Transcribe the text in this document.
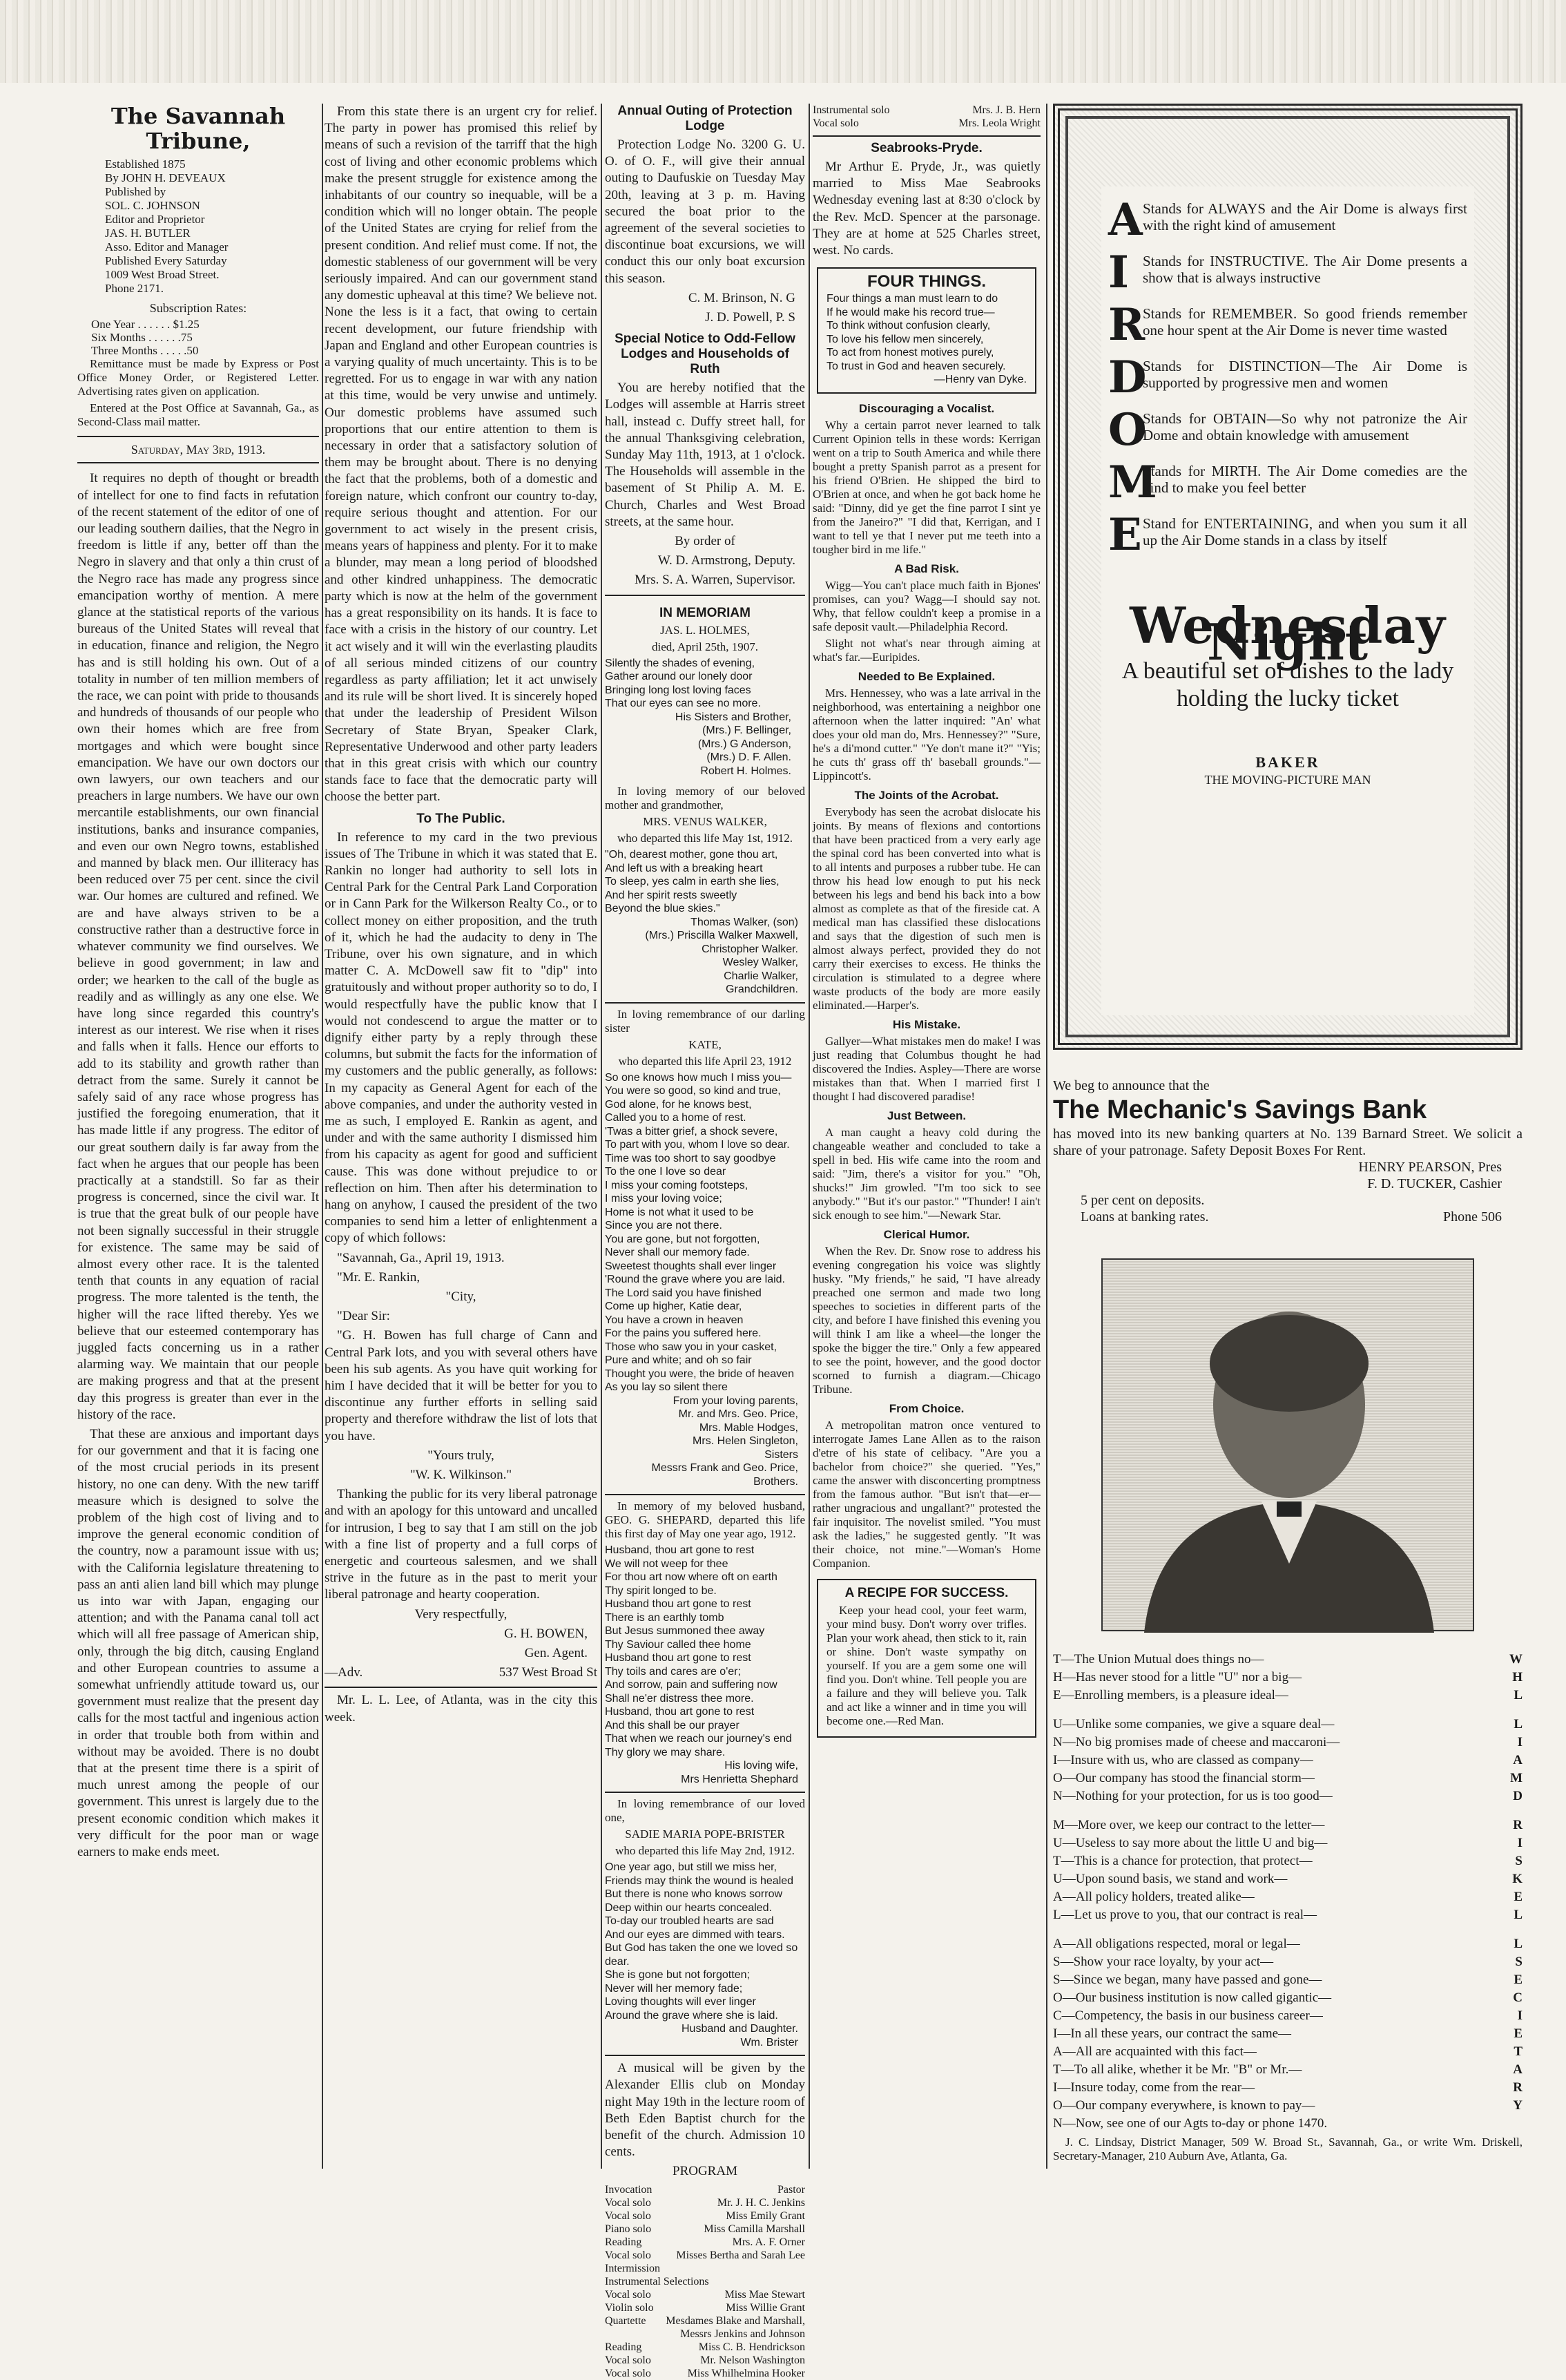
The Savannah Tribune,
Established 1875
By JOHN H. DEVEAUX
Published by
SOL. C. JOHNSON
Editor and Proprietor
JAS. H. BUTLER
Asso. Editor and Manager
Published Every Saturday
1009 West Broad Street.
Phone 2171.
Subscription Rates:
One Year . . . . . . $1.25
Six Months . . . . . .75
Three Months . . . . .50

Remittance must be made by Express or Post Office Money Order, or Registered Letter. Advertising rates given on application.

Entered at the Post Office at Savannah, Ga., as Second-Class mail matter.

Saturday, May 3rd, 1913.

It requires no depth of thought or breadth of intellect for one to find facts in refutation of the recent statement of the editor of one of our leading southern dailies, that the Negro in freedom is little if any, better off than the Negro in slavery and that only a thin crust of the Negro race has made any progress since emancipation worthy of mention. A mere glance at the statistical reports of the various bureaus of the United States will reveal that in education, finance and religion, the Negro has and is still holding his own. Out of a totality in number of ten million members of the race, we can point with pride to thousands and hundreds of thousands of our people who own their homes which are free from mortgages and which were bought since emancipation. We have our own doctors our own lawyers, our own teachers and our preachers in large numbers. We have our own mercantile establishments, our own financial institutions, banks and insurance companies, and even our own Negro towns, established and manned by black men. Our illiteracy has been reduced over 75 per cent. since the civil war. Our homes are cultured and refined. We are and have always striven to be a constructive rather than a destructive force in whatever community we find ourselves. We believe in good government; in law and order; we hearken to the call of the bugle as readily and as willingly as any one else. We have long since regarded this country's interest as our interest. We rise when it rises and falls when it falls. Hence our efforts to add to its stability and growth rather than detract from the same. Surely it cannot be safely said of any race whose progress has justified the foregoing enumeration, that it has made little if any progress. The editor of our great southern daily is far away from the fact when he argues that our people has been practically at a standstill. So far as their progress is concerned, since the civil war. It is true that the great bulk of our people have not been signally successful in their struggle for existence. The same may be said of almost every other race. It is the talented tenth that counts in any equation of racial progress. The more talented is the tenth, the higher will the race lifted thereby. Yes we believe that our esteemed contemporary has juggled facts concerning us in a rather alarming way. We maintain that our people are making progress and that at the present day this progress is greater than ever in the history of the race.

That these are anxious and important days for our government and that it is facing one of the most crucial periods in its present history, no one can deny. With the new tariff measure which is designed to solve the problem of the high cost of living and to improve the general economic condition of the country, now a paramount issue with us; with the California legislature threatening to pass an anti alien land bill which may plunge us into war with Japan, engaging our attention; and with the Panama canal toll act which will all free passage of American ship, only, through the big ditch, causing England and other European countries to assume a somewhat unfriendly attitude toward us, our government must realize that the present day calls for the most tactful and ingenious action in order that trouble both from within and without may be avoided. There is no doubt that at the present time there is a spirit of much unrest among the people of our government. This unrest is largely due to the present economic condition which makes it very difficult for the poor man or wage earners to make ends meet.

From this state there is an urgent cry for relief. The party in power has promised this relief by means of such a revision of the tarriff that the high cost of living and other economic problems which make the present struggle for existence among the inhabitants of our country so inequable, will be a condition which will no longer obtain. The people of the United States are crying for relief from the present condition. And relief must come. If not, the domestic stableness of our government will be very seriously impaired. And can our government stand any domestic upheaval at this time? We believe not. None the less is it a fact, that owing to certain recent development, our future friendship with Japan and England and other European countries is a varying quality of much uncertainty. This is to be regretted. For us to engage in war with any nation at this time, would be very unwise and untimely. Our domestic problems have assumed such proportions that our entire attention to them is necessary in order that a satisfactory solution of them may be brought about. There is no denying the fact that the problems, both of a domestic and foreign nature, which confront our country to-day, require serious thought and attention. For our government to act wisely in the present crisis, means years of happiness and plenty. For it to make a blunder, may mean a long period of bloodshed and other kindred unhappiness. The democratic party which is now at the helm of the government has a great responsibility on its hands. It is face to face with a crisis in the history of our country. Let it act wisely and it will win the everlasting plaudits of all serious minded citizens of our country regardless as party affiliation; let it act unwisely and its rule will be short lived. It is sincerely hoped that under the leadership of President Wilson Secretary of State Bryan, Speaker Clark, Representative Underwood and other party leaders that in this great crisis with which our country stands face to face that the democratic party will choose the better part.

To The Public.

In reference to my card in the two previous issues of The Tribune in which it was stated that E. Rankin no longer had authority to sell lots in Central Park for the Central Park Land Corporation or in Cann Park for the Wilkerson Realty Co., or to collect money on either proposition, and the truth of it, which he had the audacity to deny in The Tribune, over his own signature, and in which matter C. A. McDowell saw fit to "dip" into gratuitously and without proper authority so to do, I would respectfully have the public know that I would not condescend to argue the matter or to dignify either party by a reply through these columns, but submit the facts for the information of my customers and the public generally, as follows: In my capacity as General Agent for each of the above companies, and under the authority vested in me as such, I employed E. Rankin as agent, and under and with the same authority I dismissed him from his capacity as agent for good and sufficient cause. This was done without prejudice to or reflection on him. Then after his determination to hang on anyhow, I caused the president of the two companies to send him a letter of enlightenment a copy of which follows:

"Savannah, Ga., April 19, 1913.

"Mr. E. Rankin,

"City,

"Dear Sir:

"G. H. Bowen has full charge of Cann and Central Park lots, and you with several others have been his sub agents. As you have quit working for him I have decided that it will be better for you to discontinue any further efforts in selling said property and therefore withdraw the list of lots that you have.

"Yours truly,

"W. K. Wilkinson."

Thanking the public for its very liberal patronage and with an apology for this untoward and uncalled for intrusion, I beg to say that I am still on the job with a fine list of property and a full corps of energetic and courteous salesmen, and we shall strive in the future as in the past to merit your liberal patronage and hearty cooperation.

Very respectfully,

G. H. BOWEN,

Gen. Agent.

—Adv.	537 West Broad St

Mr. L. L. Lee, of Atlanta, was in the city this week.

Annual Outing of Protection Lodge

Protection Lodge No. 3200 G. U. O. of O. F., will give their annual outing to Daufuskie on Tuesday May 20th, leaving at 3 p. m. Having secured the boat prior to the agreement of the several societies to discontinue boat excursions, we will conduct this our only boat excursion this season.

C. M. Brinson, N. G

J. D. Powell, P. S

Special Notice to Odd-Fellow Lodges and Households of Ruth

You are hereby notified that the Lodges will assemble at Harris street hall, instead c. Duffy street hall, for the annual Thanksgiving celebration, Sunday May 11th, 1913, at 1 o'clock. The Households will assemble in the basement of St Philip A. M. E. Church, Charles and West Broad streets, at the same hour.

By order of

W. D. Armstrong, Deputy.

Mrs. S. A. Warren, Supervisor.

IN MEMORIAM

JAS. L. HOLMES,

died, April 25th, 1907.

Silently the shades of evening,
Gather around our lonely door
Bringing long lost loving faces
That our eyes can see no more.
His Sisters and Brother,
(Mrs.) F. Bellinger,
(Mrs.) G Anderson,
(Mrs.) D. F. Allen.
Robert H. Holmes.

In loving memory of our beloved mother and grandmother,

MRS. VENUS WALKER,

who departed this life May 1st, 1912.

"Oh, dearest mother, gone thou art,
And left us with a breaking heart
To sleep, yes calm in earth she lies,
And her spirit rests sweetly
Beyond the blue skies."
Thomas Walker, (son)
(Mrs.) Priscilla Walker Maxwell,
Christopher Walker.
Wesley Walker,
Charlie Walker,
Grandchildren.

In loving remembrance of our darling sister

KATE,

who departed this life April 23, 1912

So one knows how much I miss you—
You were so good, so kind and true,
God alone, for he knows best,
Called you to a home of rest.
'Twas a bitter grief, a shock severe,
To part with you, whom I love so dear.
Time was too short to say goodbye
To the one I love so dear
I miss your coming footsteps,
I miss your loving voice;
Home is not what it used to be
Since you are not there.
You are gone, but not forgotten,
Never shall our memory fade.
Sweetest thoughts shall ever linger
'Round the grave where you are laid.
The Lord said you have finished
Come up higher, Katie dear,
You have a crown in heaven
For the pains you suffered here.
Those who saw you in your casket,
Pure and white; and oh so fair
Thought you were, the bride of heaven
As you lay so silent there
From your loving parents,
Mr. and Mrs. Geo. Price,
Mrs. Mable Hodges,
Mrs. Helen Singleton,
Sisters
Messrs Frank and Geo. Price, Brothers.

In memory of my beloved husband, GEO. G. SHEPARD, departed this life this first day of May one year ago, 1912.

Husband, thou art gone to rest
We will not weep for thee
For thou art now where oft on earth
Thy spirit longed to be.
Husband thou art gone to rest
There is an earthly tomb
But Jesus summoned thee away
Thy Saviour called thee home
Husband thou art gone to rest
Thy toils and cares are o'er;
And sorrow, pain and suffering now
Shall ne'er distress thee more.
Husband, thou art gone to rest
And this shall be our prayer
That when we reach our journey's end
Thy glory we may share.
His loving wife,
Mrs Henrietta Shephard

In loving remembrance of our loved one,

SADIE MARIA POPE-BRISTER

who departed this life May 2nd, 1912.

One year ago, but still we miss her,
Friends may think the wound is healed
But there is none who knows sorrow
Deep within our hearts concealed.
To-day our troubled hearts are sad
And our eyes are dimmed with tears.
But God has taken the one we loved so dear.
She is gone but not forgotten;
Never will her memory fade;
Loving thoughts will ever linger
Around the grave where she is laid.
Husband and Daughter.
Wm. Brister

A musical will be given by the Alexander Ellis club on Monday night May 19th in the lecture room of Beth Eden Baptist church for the benefit of the church. Admission 10 cents.

PROGRAM

Invocation	Pastor
Vocal solo	Mr. J. H. C. Jenkins
Vocal solo	Miss Emily Grant
Piano solo	Miss Camilla Marshall
Reading	Mrs. A. F. Orner
Vocal solo Misses Bertha and Sarah Lee
Intermission
Instrumental Selections
Vocal solo	Miss Mae Stewart
Violin solo	Miss Willie Grant
Quartette	Mesdames Blake and Marshall, Messrs Jenkins and Johnson
Reading	Miss C. B. Hendrickson
Vocal solo	Mr. Nelson Washington
Vocal solo	Miss Whilhelmina Hooker
Instrumental solo	Mrs. J. B. Hern
Vocal solo	Mrs. Leola Wright
Seabrooks-Pryde.

Mr Arthur E. Pryde, Jr., was quietly married to Miss Mae Seabrooks Wednesday evening last at 8:30 o'clock by the Rev. McD. Spencer at the parsonage. They are at home at 525 Charles street, west. No cards.

FOUR THINGS.
Four things a man must learn to do
If he would make his record true—
To think without confusion clearly,
To love his fellow men sincerely,
To act from honest motives purely,
To trust in God and heaven securely.
—Henry van Dyke.
Discouraging a Vocalist.

Why a certain parrot never learned to talk Current Opinion tells in these words: Kerrigan went on a trip to South America and while there bought a pretty Spanish parrot as a present for his friend O'Brien. He shipped the bird to O'Brien at once, and when he got back home he said: "Dinny, did ye get the fine parrot I sint ye from the Janeiro?" "I did that, Kerrigan, and I want to tell ye that I never put me teeth into a tougher bird in me life."

A Bad Risk.

Wigg—You can't place much faith in Bjones' promises, can you? Wagg—I should say not. Why, that fellow couldn't keep a promise in a safe deposit vault.—Philadelphia Record.

Slight not what's near through aiming at what's far.—Euripides.

Needed to Be Explained.

Mrs. Hennessey, who was a late arrival in the neighborhood, was entertaining a neighbor one afternoon when the latter inquired: "An' what does your old man do, Mrs. Hennessey?" "Sure, he's a di'mond cutter." "Ye don't mane it?" "Yis; he cuts th' grass off th' baseball grounds."—Lippincott's.

The Joints of the Acrobat.

Everybody has seen the acrobat dislocate his joints. By means of flexions and contortions that have been practiced from a very early age the spinal cord has been converted into what is to all intents and purposes a rubber tube. He can throw his head low enough to put his neck between his legs and bend his back into a bow almost as complete as that of the fireside cat. A medical man has classified these dislocations and says that the digestion of such men is almost always perfect, provided they do not carry their exercises to excess. He thinks the circulation is stimulated to a degree where waste products of the body are more easily eliminated.—Harper's.

His Mistake.

Gallyer—What mistakes men do make! I was just reading that Columbus thought he had discovered the Indies. Aspley—There are worse mistakes than that. When I married first I thought I had discovered paradise!

Just Between.

A man caught a heavy cold during the changeable weather and concluded to take a spell in bed. His wife came into the room and said: "Jim, there's a visitor for you." "Oh, shucks!" Jim growled. "I'm too sick to see anybody." "But it's our pastor." "Thunder! I ain't sick enough to see him."—Newark Star.

Clerical Humor.

When the Rev. Dr. Snow rose to address his evening congregation his voice was slightly husky. "My friends," he said, "I have already preached one sermon and made two long speeches to societies in different parts of the city, and before I have finished this evening you will think I am like a wheel—the longer the spoke the bigger the tire." Only a few appeared to see the point, however, and the good doctor scorned to furnish a diagram.—Chicago Tribune.

From Choice.

A metropolitan matron once ventured to interrogate James Lane Allen as to the raison d'etre of his state of celibacy. "Are you a bachelor from choice?" she queried. "Yes," came the answer with disconcerting promptness from the famous author. "But isn't that—er—rather ungracious and ungallant?" protested the fair inquisitor. The novelist smiled. "You must ask the ladies," he suggested gently. "It was their choice, not mine."—Woman's Home Companion.

A RECIPE FOR SUCCESS.

Keep your head cool, your feet warm, your mind busy. Don't worry over trifles. Plan your work ahead, then stick to it, rain or shine. Don't waste sympathy on yourself. If you are a gem some one will find you. Don't whine. Tell people you are a failure and they will believe you. Talk and act like a winner and in time you will become one.—Red Man.

A Stands for ALWAYS and the Air Dome is always first with the right kind of amusement
I Stands for INSTRUCTIVE. The Air Dome presents a show that is always instructive
R
Stands for REMEMBER. So good friends remember one hour spent at the Air Dome is never time wasted
D
Stands for DISTINCTION—The Air Dome is supported by progressive men and women
O
Stands for OBTAIN—So why not patronize the Air Dome and obtain knowledge with amusement
M
Stands for MIRTH. The Air Dome comedies are the kind to make you feel better
E Stand for ENTERTAINING, and when you sum it all up the Air Dome stands in a class by itself
Wednesday Night
A beautiful set of dishes to the lady holding the lucky ticket
BAKER
THE MOVING-PICTURE MAN
We beg to announce that the
The Mechanic's Savings Bank
has moved into its new banking quarters at No. 139 Barnard Street. We solicit a share of your patronage. Safety Deposit Boxes For Rent.
HENRY PEARSON, Pres
F. D. TUCKER, Cashier
5 per cent on deposits.
Loans at banking rates.	Phone 506
T—The Union Mutual does things no—	W
H—Has never stood for a little "U" nor a big—	H
E—Enrolling members, is a pleasure ideal—	L
U—Unlike some companies, we give a square deal—	L
N—No big promises made of cheese and maccaroni—	I
I—Insure with us, who are classed as company—	A
O—Our company has stood the financial storm—	M
N—Nothing for your protection, for us is too good—	D
M—More over, we keep our contract to the letter—	R
U—Useless to say more about the little U and big—	I
T—This is a chance for protection, that protect—	S
U—Upon sound basis, we stand and work—	K
A—All policy holders, treated alike—	E
L—Let us prove to you, that our contract is real—	L
A—All obligations respected, moral or legal—	L
S—Show your race loyalty, by your act—	S
S—Since we began, many have passed and gone—	E
O—Our business institution is now called gigantic—	C
C—Competency, the basis in our business career—	I
I—In all these years, our contract the same—	E
A—All are acquainted with this fact—	T
T—To all alike, whether it be Mr. "B" or Mr.—	A
I—Insure today, come from the rear—	R
O—Our company everywhere, is known to pay—	Y
N—Now, see one of our Agts to-day or phone 1470.

J. C. Lindsay, District Manager, 509 W. Broad St., Savannah, Ga., or write Wm. Driskell, Secretary-Manager, 210 Auburn Ave, Atlanta, Ga.
